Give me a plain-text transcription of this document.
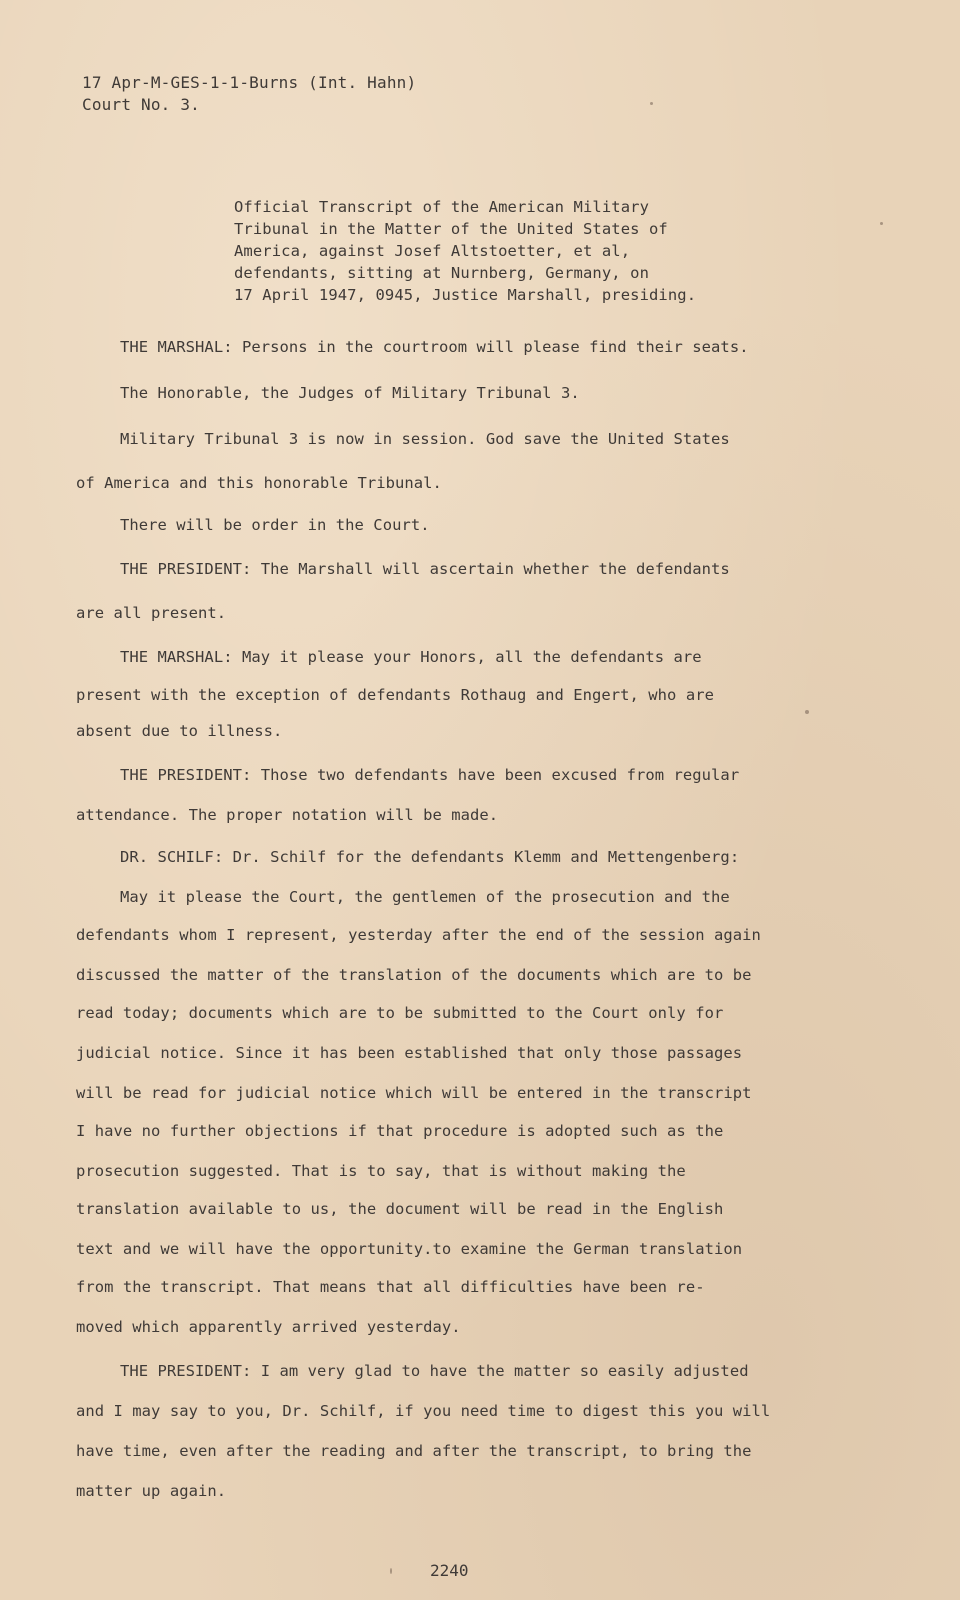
17 Apr-M-GES-1-1-Burns (Int. Hahn)
Court No. 3.
Official Transcript of the American Military
Tribunal in the Matter of the United States of
America, against Josef Altstoetter, et al,
defendants, sitting at Nurnberg, Germany, on
17 April 1947, 0945, Justice Marshall, presiding.
THE MARSHAL: Persons in the courtroom will please find their seats.
The Honorable, the Judges of Military Tribunal 3.
Military Tribunal 3 is now in session. God save the United States
of America and this honorable Tribunal.
There will be order in the Court.
THE PRESIDENT: The Marshall will ascertain whether the defendants
are all present.
THE MARSHAL: May it please your Honors, all the defendants are
present with the exception of defendants Rothaug and Engert, who are
absent due to illness.
THE PRESIDENT: Those two defendants have been excused from regular
attendance. The proper notation will be made.
DR. SCHILF: Dr. Schilf for the defendants Klemm and Mettengenberg:
May it please the Court, the gentlemen of the prosecution and the
defendants whom I represent, yesterday after the end of the session again
discussed the matter of the translation of the documents which are to be
read today; documents which are to be submitted to the Court only for
judicial notice. Since it has been established that only those passages
will be read for judicial notice which will be entered in the transcript
I have no further objections if that procedure is adopted such as the
prosecution suggested. That is to say, that is without making the
translation available to us, the document will be read in the English
text and we will have the opportunity.to examine the German translation
from the transcript. That means that all difficulties have been re-
moved which apparently arrived yesterday.
THE PRESIDENT: I am very glad to have the matter so easily adjusted
and I may say to you, Dr. Schilf, if you need time to digest this you will
have time, even after the reading and after the transcript, to bring the
matter up again.
2240
